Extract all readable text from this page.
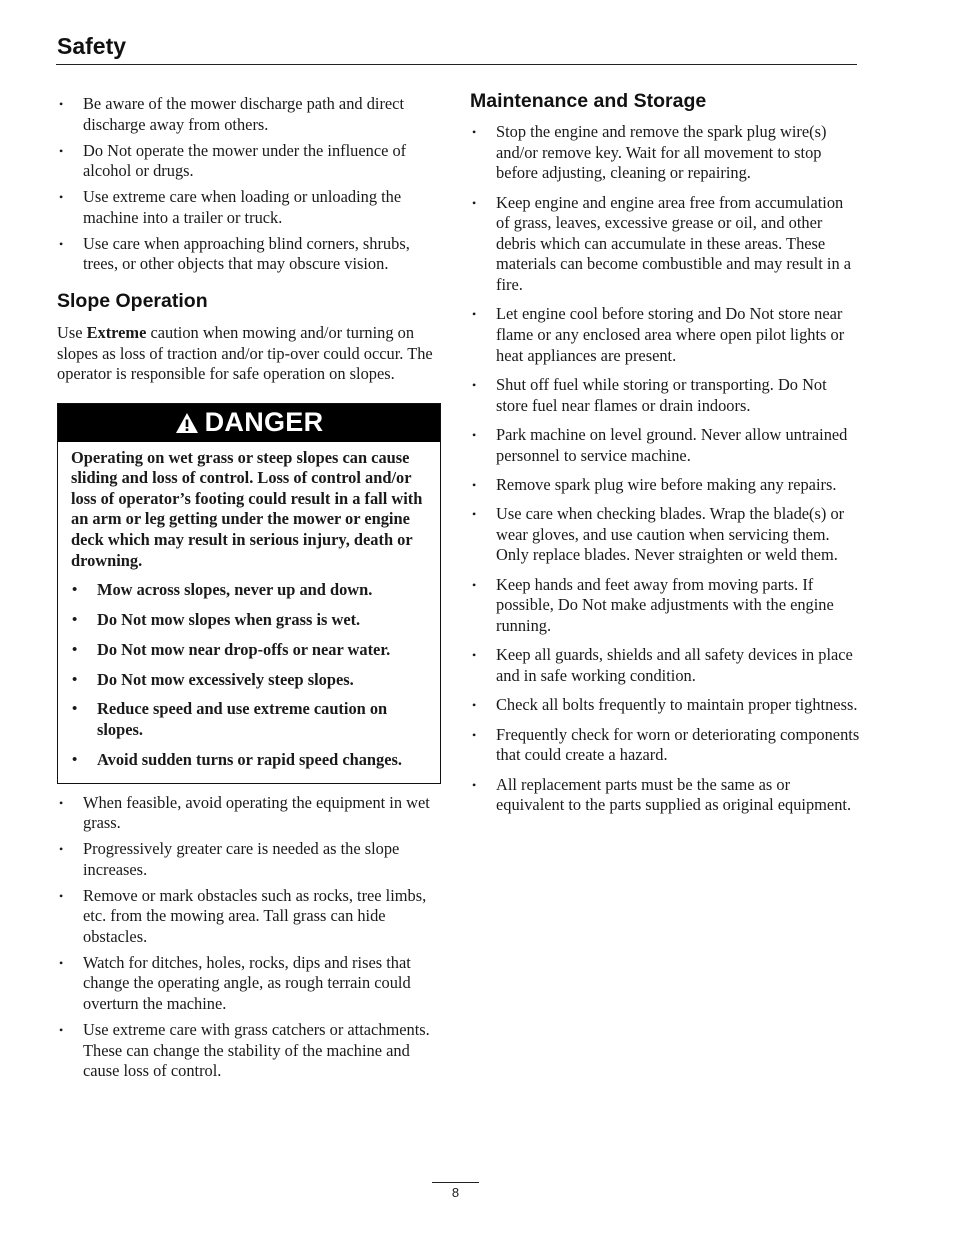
Safety
• Be aware of the mower discharge path and direct discharge away from others.
• Do Not operate the mower under the influence of alcohol or drugs.
• Use extreme care when loading or unloading the machine into a trailer or truck.
• Use care when approaching blind corners, shrubs, trees, or other objects that may obscure vision.
Slope Operation

Use Extreme caution when mowing and/or turning on slopes as loss of traction and/or tip-over could occur. The operator is responsible for safe operation on slopes.

DANGER

Operating on wet grass or steep slopes can cause sliding and loss of control. Loss of control and/or loss of operator’s footing could result in a fall with an arm or leg getting under the mower or engine deck which may result in serious injury, death or drowning.

• Mow across slopes, never up and down.
• Do Not mow slopes when grass is wet.
• Do Not mow near drop-offs or near water.
• Do Not mow excessively steep slopes.
• Reduce speed and use extreme caution on slopes.
• Avoid sudden turns or rapid speed changes.
• When feasible, avoid operating the equipment in wet grass.
• Progressively greater care is needed as the slope increases.
• Remove or mark obstacles such as rocks, tree limbs, etc. from the mowing area. Tall grass can hide obstacles.
• Watch for ditches, holes, rocks, dips and rises that change the operating angle, as rough terrain could overturn the machine.
• Use extreme care with grass catchers or attachments. These can change the stability of the machine and cause loss of control.
Maintenance and Storage
• Stop the engine and remove the spark plug wire(s) and/or remove key. Wait for all movement to stop before adjusting, cleaning or repairing.
• Keep engine and engine area free from accumulation of grass, leaves, excessive grease or oil, and other debris which can accumulate in these areas. These materials can become combustible and may result in a fire.
• Let engine cool before storing and Do Not store near flame or any enclosed area where open pilot lights or heat appliances are present.
• Shut off fuel while storing or transporting. Do Not store fuel near flames or drain indoors.
• Park machine on level ground. Never allow untrained personnel to service machine.
• Remove spark plug wire before making any repairs.
• Use care when checking blades. Wrap the blade(s) or wear gloves, and use caution when servicing them. Only replace blades. Never straighten or weld them.
• Keep hands and feet away from moving parts. If possible, Do Not make adjustments with the engine running.
• Keep all guards, shields and all safety devices in place and in safe working condition.
• Check all bolts frequently to maintain proper tightness.
• Frequently check for worn or deteriorating components that could create a hazard.
• All replacement parts must be the same as or equivalent to the parts supplied as original equipment.
8
